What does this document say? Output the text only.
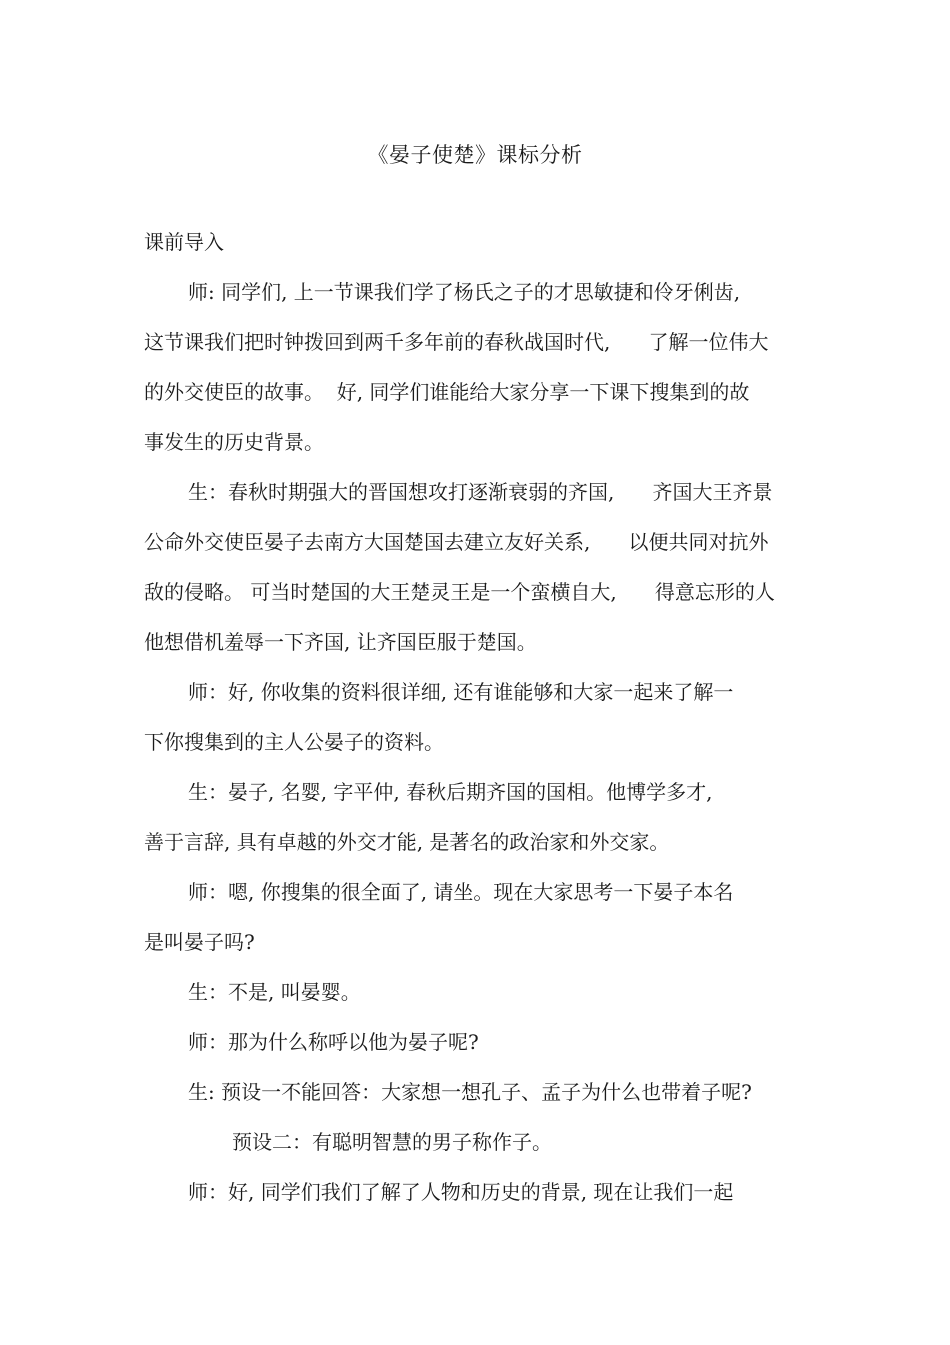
《晏子使楚》课标分析
课前导入
师: 同学们, 上一节课我们学了杨氏之子的才思敏捷和伶牙俐齿,
这节课我们把时钟拨回到两千多年前的春秋战国时代,      了解一位伟大
的外交使臣的故事。  好, 同学们谁能给大家分享一下课下搜集到的故
事发生的历史背景。
生：春秋时期强大的晋国想攻打逐渐衰弱的齐国,      齐国大王齐景
公命外交使臣晏子去南方大国楚国去建立友好关系,      以便共同对抗外
敌的侵略。 可当时楚国的大王楚灵王是一个蛮横自大,      得意忘形的人
他想借机羞辱一下齐国, 让齐国臣服于楚国。
师：好, 你收集的资料很详细, 还有谁能够和大家一起来了解一
下你搜集到的主人公晏子的资料。
生：晏子, 名婴, 字平仲, 春秋后期齐国的国相。他博学多才,
善于言辞, 具有卓越的外交才能, 是著名的政治家和外交家。
师：嗯, 你搜集的很全面了, 请坐。现在大家思考一下晏子本名
是叫晏子吗?
生：不是, 叫晏婴。
师：那为什么称呼以他为晏子呢?
生: 预设一不能回答：大家想一想孔子、孟子为什么也带着子呢?
预设二：有聪明智慧的男子称作子。
师：好, 同学们我们了解了人物和历史的背景, 现在让我们一起
